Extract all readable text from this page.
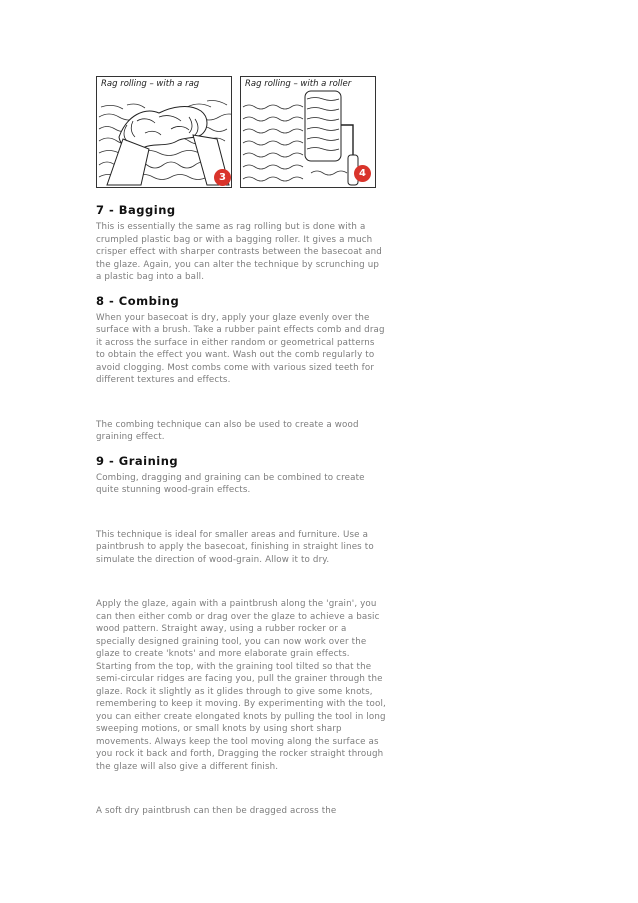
Rag rolling – with a rag
3
Rag rolling – with a roller
4
7 - Bagging

This is essentially the same as rag rolling but is done with a crumpled plastic bag or with a bagging roller. It gives a much crisper effect with sharper contrasts between the basecoat and the glaze. Again, you can alter the technique by scrunching up a plastic bag into a ball.

8 - Combing

When your basecoat is dry, apply your glaze evenly over the surface with a brush. Take a rubber paint effects comb and drag it across the surface in either random or geometrical patterns to obtain the effect you want. Wash out the comb regularly to avoid clogging. Most combs come with various sized teeth for different textures and effects.

The combing technique can also be used to create a wood graining effect.

9 - Graining

Combing, dragging and graining can be combined to create quite stunning wood-grain effects.

This technique is ideal for smaller areas and furniture. Use a paintbrush to apply the basecoat, finishing in straight lines to simulate the direction of wood-grain. Allow it to dry.

Apply the glaze, again with a paintbrush along the 'grain', you can then either comb or drag over the glaze to achieve a basic wood pattern. Straight away, using a rubber rocker or a specially designed graining tool, you can now work over the glaze to create 'knots' and more elaborate grain effects. Starting from the top, with the graining tool tilted so that the semi-circular ridges are facing you, pull the grainer through the glaze. Rock it slightly as it glides through to give some knots, remembering to keep it moving. By experimenting with the tool, you can either create elongated knots by pulling the tool in long sweeping motions, or small knots by using short sharp movements. Always keep the tool moving along the surface as you rock it back and forth, Dragging the rocker straight through the glaze will also give a different finish.

A soft dry paintbrush can then be dragged across the
